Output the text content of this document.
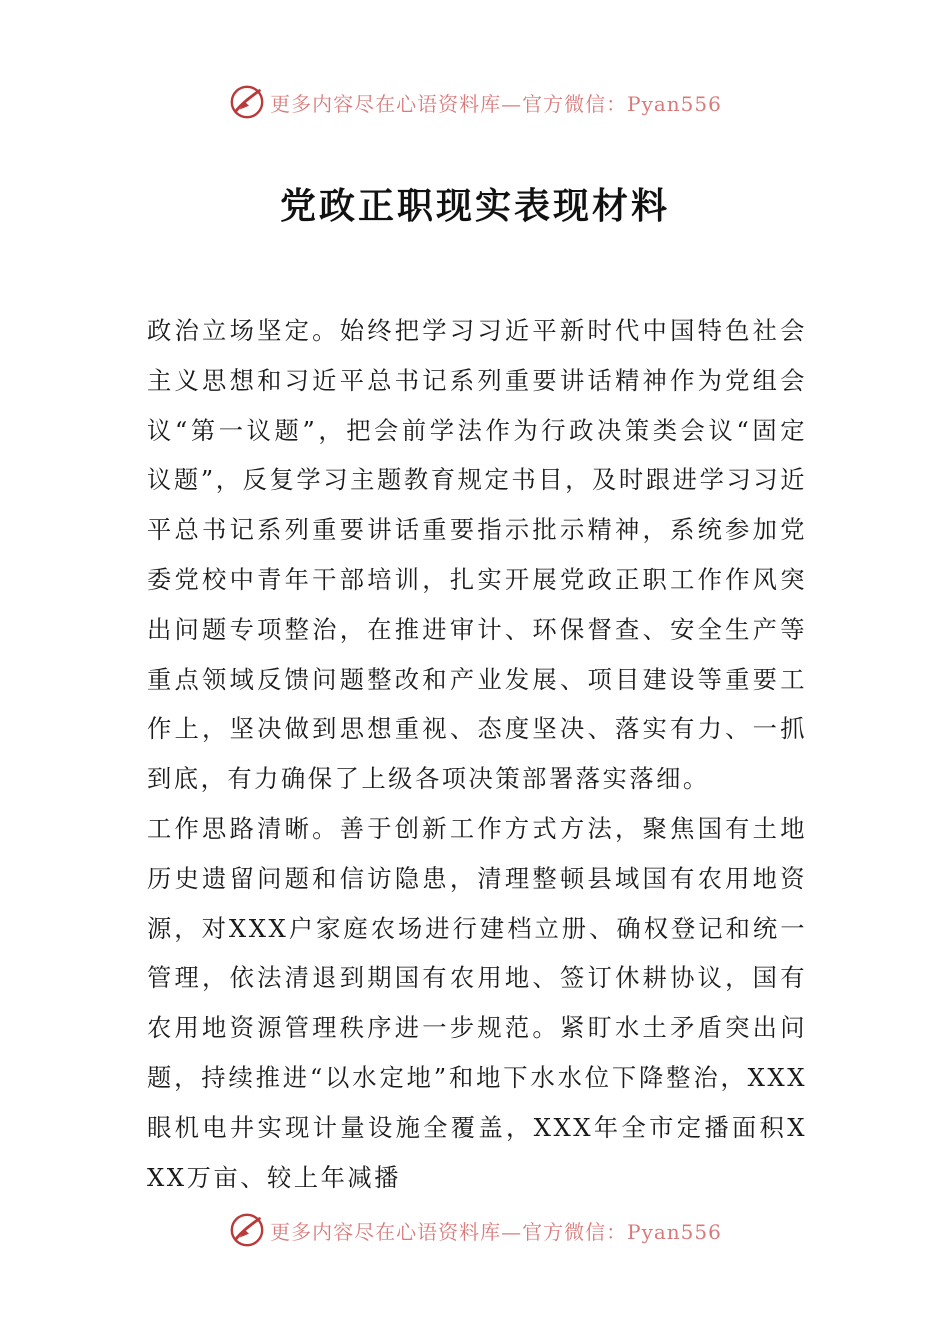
更多内容尽在心语资料库—官方微信：Pyan556
党政正职现实表现材料

政治立场坚定。始终把学习习近平新时代中国特色社会主义思想和习近平总书记系列重要讲话精神作为党组会议“第一议题”，把会前学法作为行政决策类会议“固定议题”，反复学习主题教育规定书目，及时跟进学习习近平总书记系列重要讲话重要指示批示精神，系统参加党委党校中青年干部培训，扎实开展党政正职工作作风突出问题专项整治，在推进审计、环保督查、安全生产等重点领域反馈问题整改和产业发展、项目建设等重要工作上，坚决做到思想重视、态度坚决、落实有力、一抓到底，有力确保了上级各项决策部署落实落细。

工作思路清晰。善于创新工作方式方法，聚焦国有土地历史遗留问题和信访隐患，清理整顿县域国有农用地资源，对XXX户家庭农场进行建档立册、确权登记和统一管理，依法清退到期国有农用地、签订休耕协议，国有农用地资源管理秩序进一步规范。紧盯水土矛盾突出问题，持续推进“以水定地”和地下水水位下降整治，XXX眼机电井实现计量设施全覆盖，XXX年全市定播面积XXX万亩、较上年减播

更多内容尽在心语资料库—官方微信：Pyan556
